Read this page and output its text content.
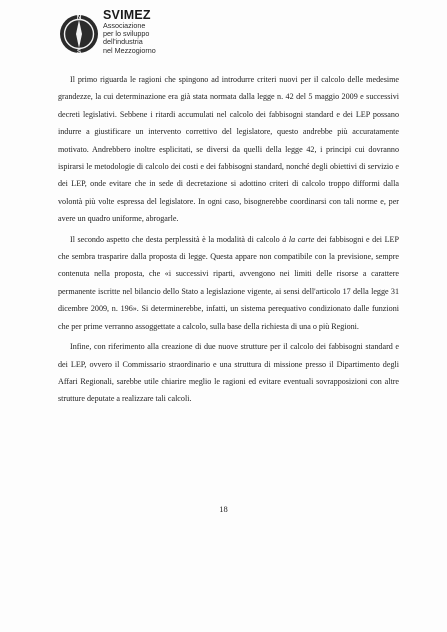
N
S
SVIMEZ
Associazione
per lo sviluppo
dell'industria
nel Mezzogiorno

Il primo riguarda le ragioni che spingono ad introdurre criteri nuovi per il calcolo delle medesime grandezze, la cui determinazione era già stata normata dalla legge n. 42 del 5 maggio 2009 e successivi decreti legislativi. Sebbene i ritardi accumulati nel calcolo dei fabbisogni standard e dei LEP possano indurre a giustificare un intervento correttivo del legislatore, questo andrebbe più accuratamente motivato. Andrebbero inoltre esplicitati, se diversi da quelli della legge 42, i principi cui dovranno ispirarsi le metodologie di calcolo dei costi e dei fabbisogni standard, nonché degli obiettivi di servizio e dei LEP, onde evitare che in sede di decretazione si adottino criteri di calcolo troppo difformi dalla volontà più volte espressa del legislatore. In ogni caso, bisognerebbe coordinarsi con tali norme e, per avere un quadro uniforme, abrogarle.

Il secondo aspetto che desta perplessità è la modalità di calcolo à la carte dei fabbisogni e dei LEP che sembra trasparire dalla proposta di legge. Questa appare non compatibile con la previsione, sempre contenuta nella proposta, che «i successivi riparti, avvengono nei limiti delle risorse a carattere permanente iscritte nel bilancio dello Stato a legislazione vigente, ai sensi dell'articolo 17 della legge 31 dicembre 2009, n. 196». Si determinerebbe, infatti, un sistema perequativo condizionato dalle funzioni che per prime verranno assoggettate a calcolo, sulla base della richiesta di una o più Regioni.

Infine, con riferimento alla creazione di due nuove strutture per il calcolo dei fabbisogni standard e dei LEP, ovvero il Commissario straordinario e una struttura di missione presso il Dipartimento degli Affari Regionali, sarebbe utile chiarire meglio le ragioni ed evitare eventuali sovrapposizioni con altre strutture deputate a realizzare tali calcoli.

18
